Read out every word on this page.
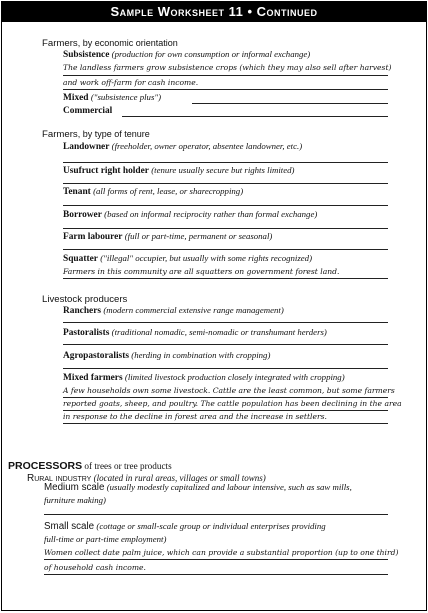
Sample Worksheet 11 • Continued
Farmers, by economic orientation
Subsistence (production for own consumption or informal exchange)
The landless farmers grow subsistence crops (which they may also sell after harvest)
and work off-farm for cash income.
Mixed ("subsistence plus")
Commercial
Farmers, by type of tenure
Landowner (freeholder, owner operator, absentee landowner, etc.)
Usufruct right holder (tenure usually secure but rights limited)
Tenant (all forms of rent, lease, or sharecropping)
Borrower (based on informal reciprocity rather than formal exchange)
Farm labourer (full or part-time, permanent or seasonal)
Squatter ("illegal" occupier, but usually with some rights recognized)
Farmers in this community are all squatters on government forest land.
Livestock producers
Ranchers (modern commercial extensive range management)
Pastoralists (traditional nomadic, semi-nomadic or transhumant herders)
Agropastoralists (herding in combination with cropping)
Mixed farmers (limited livestock production closely integrated with cropping)
A few households own some livestock. Cattle are the least common, but some farmers
reported goats, sheep, and poultry. The cattle population has been declining in the area
in response to the decline in forest area and the increase in settlers.
PROCESSORS of trees or tree products
Rural industry (located in rural areas, villages or small towns)
Medium scale (usually modestly capitalized and labour intensive, such as saw mills,
furniture making)
Small scale (cottage or small-scale group or individual enterprises providing
full-time or part-time employment)
Women collect date palm juice, which can provide a substantial proportion (up to one third)
of household cash income.
